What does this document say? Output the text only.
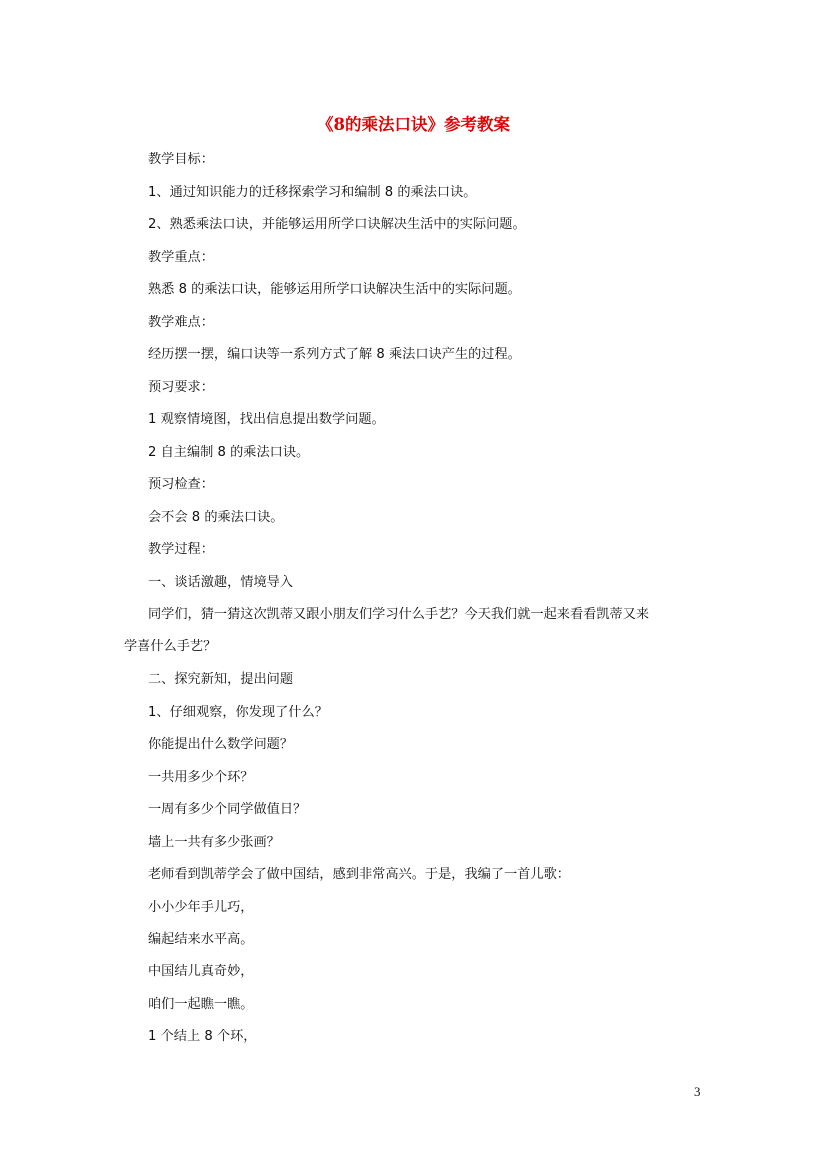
《8的乘法口诀》参考教案
教学目标：
1、通过知识能力的迁移探索学习和编制 8 的乘法口诀。
2、熟悉乘法口诀，并能够运用所学口诀解决生活中的实际问题。
教学重点：
熟悉 8 的乘法口诀，能够运用所学口诀解决生活中的实际问题。
教学难点：
经历摆一摆，编口诀等一系列方式了解 8 乘法口诀产生的过程。
预习要求：
1 观察情境图，找出信息提出数学问题。
2 自主编制 8 的乘法口诀。
预习检查：
会不会 8 的乘法口诀。
教学过程：
一、谈话激趣，情境导入
同学们，猜一猜这次凯蒂又跟小朋友们学习什么手艺？今天我们就一起来看看凯蒂又来
学喜什么手艺？
二、探究新知，提出问题
1、仔细观察，你发现了什么？
你能提出什么数学问题？
一共用多少个环？
一周有多少个同学做值日？
墙上一共有多少张画？
老师看到凯蒂学会了做中国结，感到非常高兴。于是，我编了一首儿歌：
小小少年手儿巧，
编起结来水平高。
中国结儿真奇妙，
咱们一起瞧一瞧。
1 个结上 8 个环，
3
